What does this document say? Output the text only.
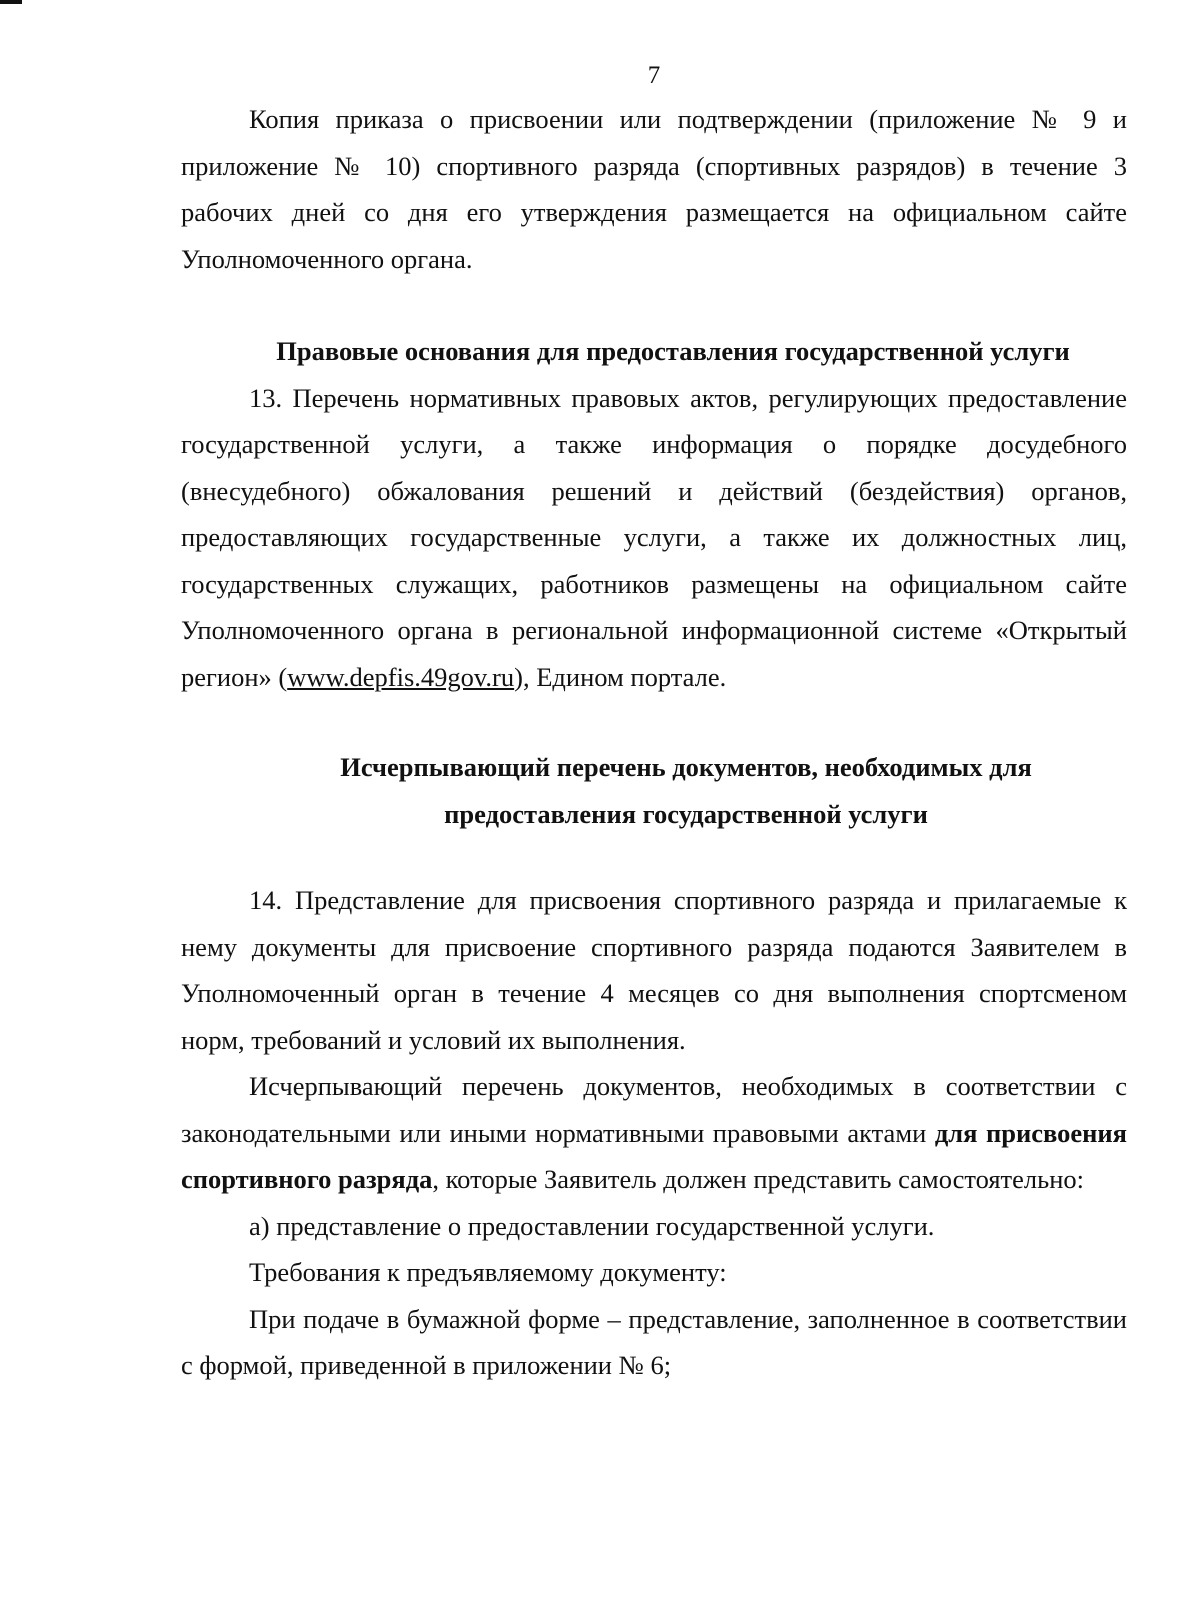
7

Копия приказа о присвоении или подтверждении (приложение № 9 и приложение № 10) спортивного разряда (спортивных разрядов) в течение 3 рабочих дней со дня его утверждения размещается на официальном сайте Уполномоченного органа.

Правовые основания для предоставления государственной услуги

13. Перечень нормативных правовых актов, регулирующих предоставление государственной услуги, а также информация о порядке досудебного (внесудебного) обжалования решений и действий (бездействия) органов, предоставляющих государственные услуги, а также их должностных лиц, государственных служащих, работников размещены на официальном сайте Уполномоченного органа в региональной информационной системе «Открытый регион» (www.depfis.49gov.ru), Едином портале.

Исчерпывающий перечень документов, необходимых для

предоставления государственной услуги

14. Представление для присвоения спортивного разряда и прилагаемые к нему документы для присвоение спортивного разряда подаются Заявителем в Уполномоченный орган в течение 4 месяцев со дня выполнения спортсменом норм, требований и условий их выполнения.

Исчерпывающий перечень документов, необходимых в соответствии с законодательными или иными нормативными правовыми актами для присвоения спортивного разряда, которые Заявитель должен представить самостоятельно:

а) представление о предоставлении государственной услуги.

Требования к предъявляемому документу:

При подаче в бумажной форме – представление, заполненное в соответствии с формой, приведенной в приложении № 6;
